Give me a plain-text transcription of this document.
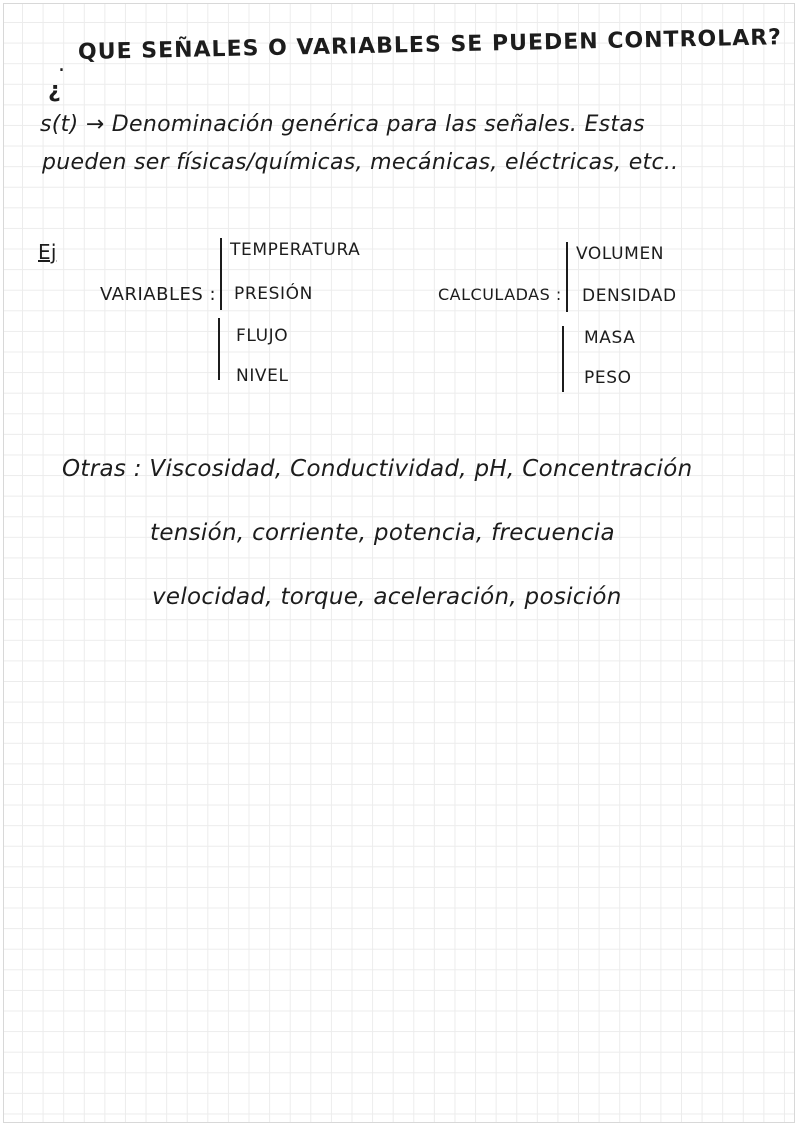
. QUE SEÑALES O VARIABLES SE PUEDEN CONTROLAR?
¿
s(t) → Denominación genérica para las señales. Estas
pueden ser físicas/químicas, mecánicas, eléctricas, etc..
Ej
VARIABLES :
TEMPERATURA
PRESIÓN
FLUJO
NIVEL
CALCULADAS :
VOLUMEN
DENSIDAD
MASA
PESO
Otras : Viscosidad, Conductividad, pH, Concentración
tensión, corriente, potencia, frecuencia
velocidad, torque, aceleración, posición
